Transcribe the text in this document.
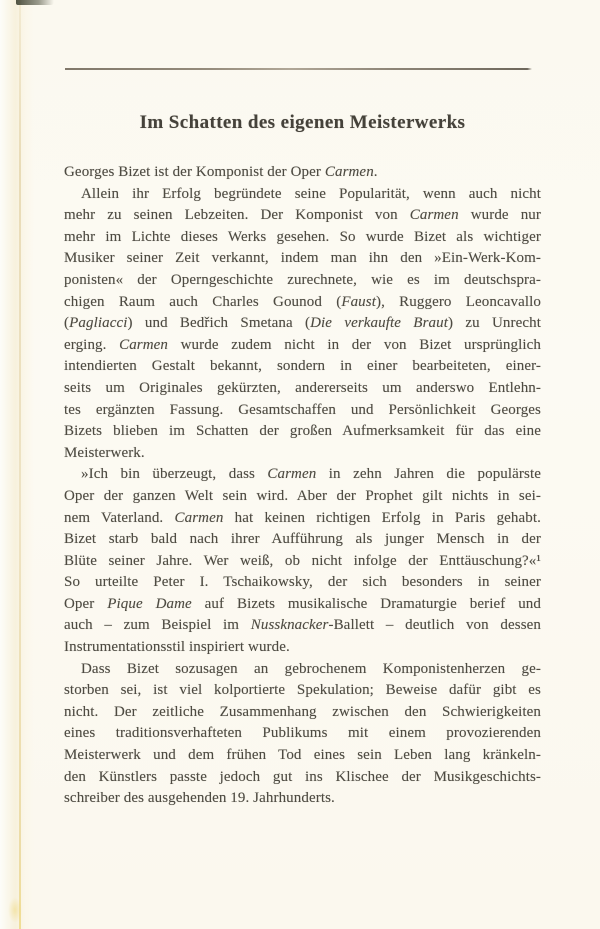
Im Schatten des eigenen Meisterwerks
Georges Bizet ist der Komponist der Oper Carmen.
Allein ihr Erfolg begründete seine Popularität, wenn auch nicht
mehr zu seinen Lebzeiten. Der Komponist von Carmen wurde nur
mehr im Lichte dieses Werks gesehen. So wurde Bizet als wichtiger
Musiker seiner Zeit verkannt, indem man ihn den »Ein-Werk-Kom-
ponisten« der Operngeschichte zurechnete, wie es im deutschspra-
chigen Raum auch Charles Gounod (Faust), Ruggero Leoncavallo
(Pagliacci) und Bedřich Smetana (Die verkaufte Braut) zu Unrecht
erging. Carmen wurde zudem nicht in der von Bizet ursprünglich
intendierten Gestalt bekannt, sondern in einer bearbeiteten, einer-
seits um Originales gekürzten, andererseits um anderswo Entlehn-
tes ergänzten Fassung. Gesamtschaffen und Persönlichkeit Georges
Bizets blieben im Schatten der großen Aufmerksamkeit für das eine
Meisterwerk.
»Ich bin überzeugt, dass Carmen in zehn Jahren die populärste
Oper der ganzen Welt sein wird. Aber der Prophet gilt nichts in sei-
nem Vaterland. Carmen hat keinen richtigen Erfolg in Paris gehabt.
Bizet starb bald nach ihrer Aufführung als junger Mensch in der
Blüte seiner Jahre. Wer weiß, ob nicht infolge der Enttäuschung?«¹
So urteilte Peter I. Tschaikowsky, der sich besonders in seiner
Oper Pique Dame auf Bizets musikalische Dramaturgie berief und
auch – zum Beispiel im Nussknacker-Ballett – deutlich von dessen
Instrumentationsstil inspiriert wurde.
Dass Bizet sozusagen an gebrochenem Komponistenherzen ge-
storben sei, ist viel kolportierte Spekulation; Beweise dafür gibt es
nicht. Der zeitliche Zusammenhang zwischen den Schwierigkeiten
eines traditionsverhafteten Publikums mit einem provozierenden
Meisterwerk und dem frühen Tod eines sein Leben lang kränkeln-
den Künstlers passte jedoch gut ins Klischee der Musikgeschichts-
schreiber des ausgehenden 19. Jahrhunderts.
